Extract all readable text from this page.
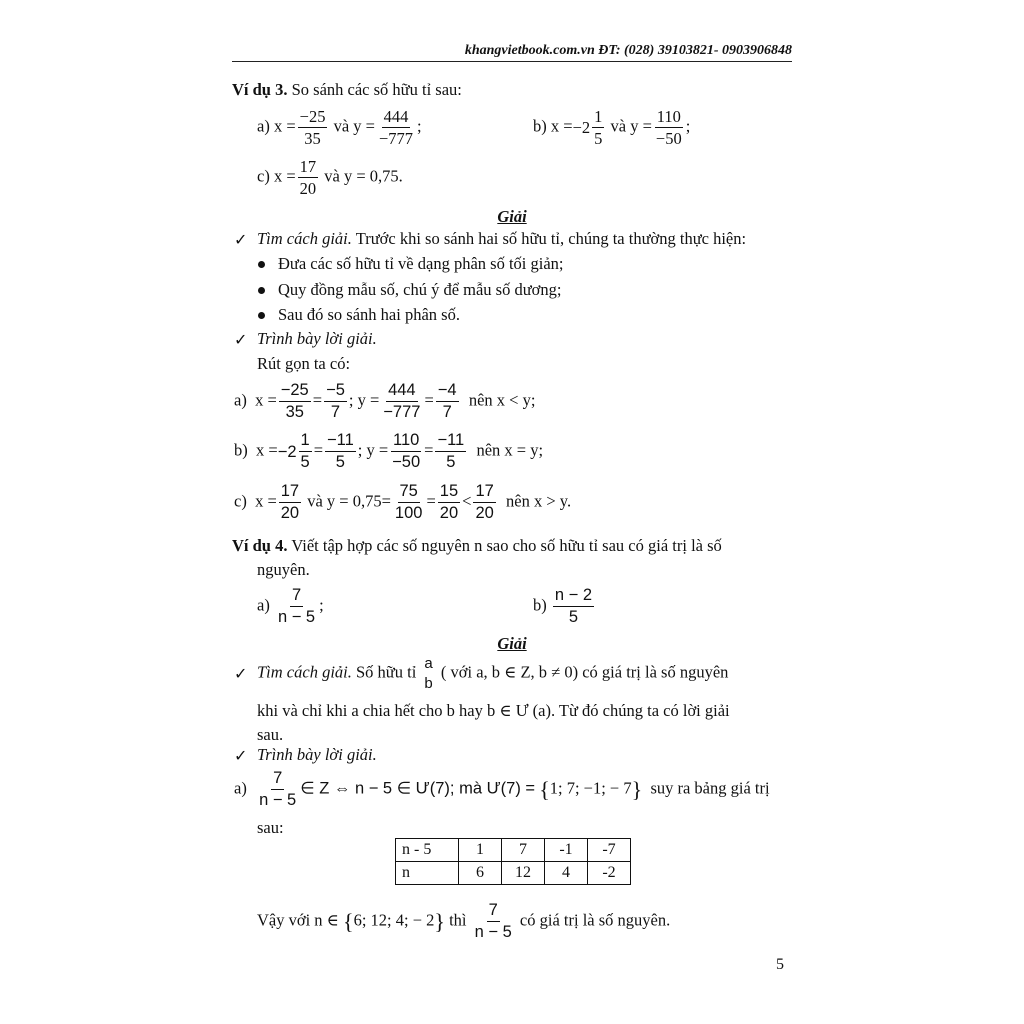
khangvietbook.com.vn ĐT: (028) 39103821- 0903906848
Ví dụ 3. So sánh các số hữu tỉ sau:
a) $x = \frac{-25}{35}$ và $y = \frac{444}{-777}$ ;	b) $x = -2 \frac{1}{5}$ và $y = \frac{110}{-50}$ ;
c) $x = \frac{17}{20}$ và y = 0,75.
Giải
✓ Tìm cách giải. Trước khi so sánh hai số hữu tỉ, chúng ta thường thực hiện:
Đưa các số hữu tỉ về dạng phân số tối giản;
Quy đồng mẫu số, chú ý để mẫu số dương;
Sau đó so sánh hai phân số.
✓ Trình bày lời giải.
Rút gọn ta có:
a)  $x = \frac{-25}{35} = \frac{-5}{7}$ ; $y = \frac{444}{-777} = \frac{-4}{7}$ nên x < y;
b)  $x = -2 \frac{1}{5} = \frac{-11}{5}$ ; $y = \frac{110}{-50} = \frac{-11}{5}$ nên x = y;
c)  $x = \frac{17}{20}$ và $y = 0,75= \frac{75}{100} = \frac{15}{20} < \frac{17}{20}$ nên x > y.
Ví dụ 4. Viết tập hợp các số nguyên n sao cho số hữu tỉ sau có giá trị là số
nguyên.
$a) \frac{7}{n - 5}$ ;	$b) \frac{n - 2}{5}$
Giải
✓ Tìm cách giải. Số hữu tỉ a
b
( với a, b ∈ Z, b ≠ 0) có giá trị là số nguyên
khi và chỉ khi a chia hết cho b hay b ∈ Ư (a). Từ đó chúng ta có lời giải
sau.
✓ Trình bày lời giải.
$a) \frac{7}{n - 5}$ ∈ Z ⇔ n − 5 ∈ Ư(7); mà Ư(7) = {1; 7; −1; − 7} suy ra bảng giá trị
sau:
n - 5	1	7	-1	-7
n	6	12	4	-2
Vậy với n ∈ {6; 12; 4; − 2} thì $\frac{7}{n - 5}$ có giá trị là số nguyên.
5
